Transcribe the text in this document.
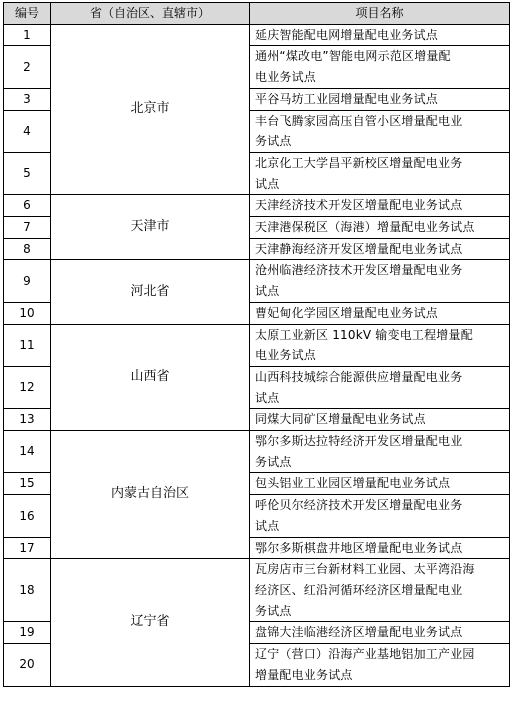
编号	省（自治区、直辖市）	项目名称
1	北京市	延庆智能配电网增量配电业务试点
2		通州“煤改电”智能电网示范区增量配
电业务试点
3		平谷马坊工业园增量配电业务试点
4		丰台飞腾家园高压自管小区增量配电业
务试点
5		北京化工大学昌平新校区增量配电业务
试点
6	天津市	天津经济技术开发区增量配电业务试点
7		天津港保税区（海港）增量配电业务试点
8		天津静海经济开发区增量配电业务试点
9	河北省	沧州临港经济技术开发区增量配电业务
试点
10		曹妃甸化学园区增量配电业务试点
11	山西省	太原工业新区 110kV 输变电工程增量配
电业务试点
12		山西科技城综合能源供应增量配电业务
试点
13		同煤大同矿区增量配电业务试点
14	内蒙古自治区	鄂尔多斯达拉特经济开发区增量配电业
务试点
15		包头铝业工业园区增量配电业务试点
16		呼伦贝尔经济技术开发区增量配电业务
试点
17		鄂尔多斯棋盘井地区增量配电业务试点
18	辽宁省	瓦房店市三台新材料工业园、太平湾沿海
经济区、红沿河循环经济区增量配电业
务试点
19		盘锦大洼临港经济区增量配电业务试点
20		辽宁（营口）沿海产业基地铝加工产业园
增量配电业务试点
